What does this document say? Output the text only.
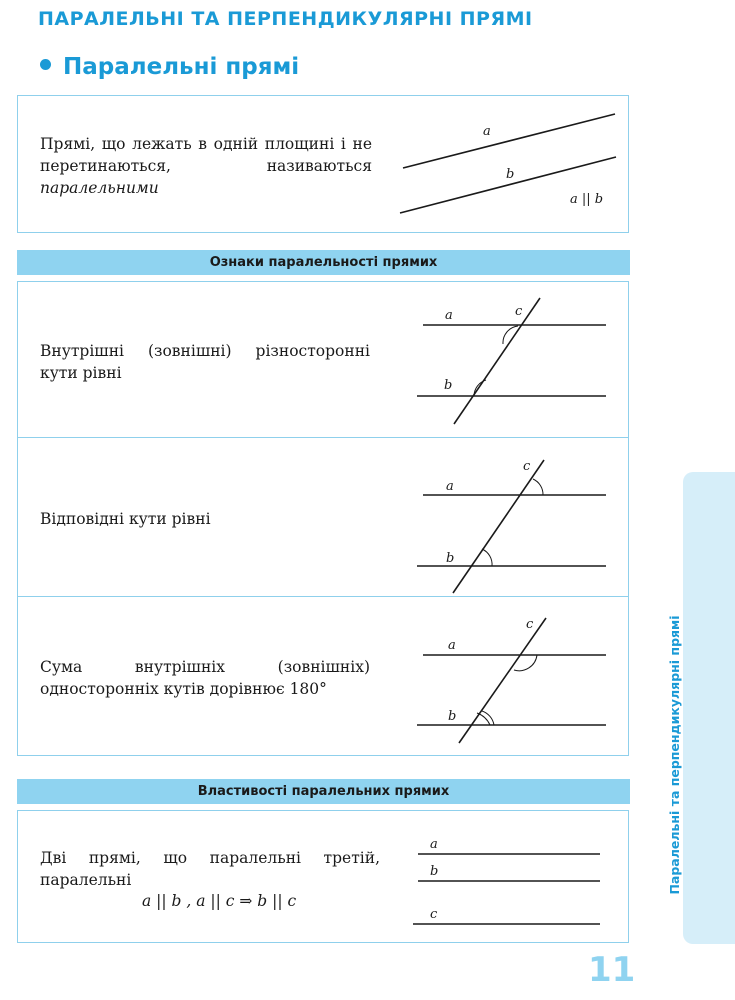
ПАРАЛЕЛЬНІ ТА ПЕРПЕНДИКУЛЯРНІ ПРЯМІ
Паралельні прямі
Прямі, що лежать в одній площині і не перетинаються, називаються паралельними
a
b
a || b
Ознаки паралельності прямих
Внутрішні (зовнішні) різносторонні кути рівні
Відповідні кути рівні
Сума внутрішніх (зовнішніх) односторонніх кутів дорівнює 180°
a
b
c
a
b
c
a
b
c
Властивості паралельних прямих
Дві прямі, що паралельні третій, паралельні
a || b , a || c ⇒ b || c
a
b
c
Паралельні та перпендикулярні прямі
11
